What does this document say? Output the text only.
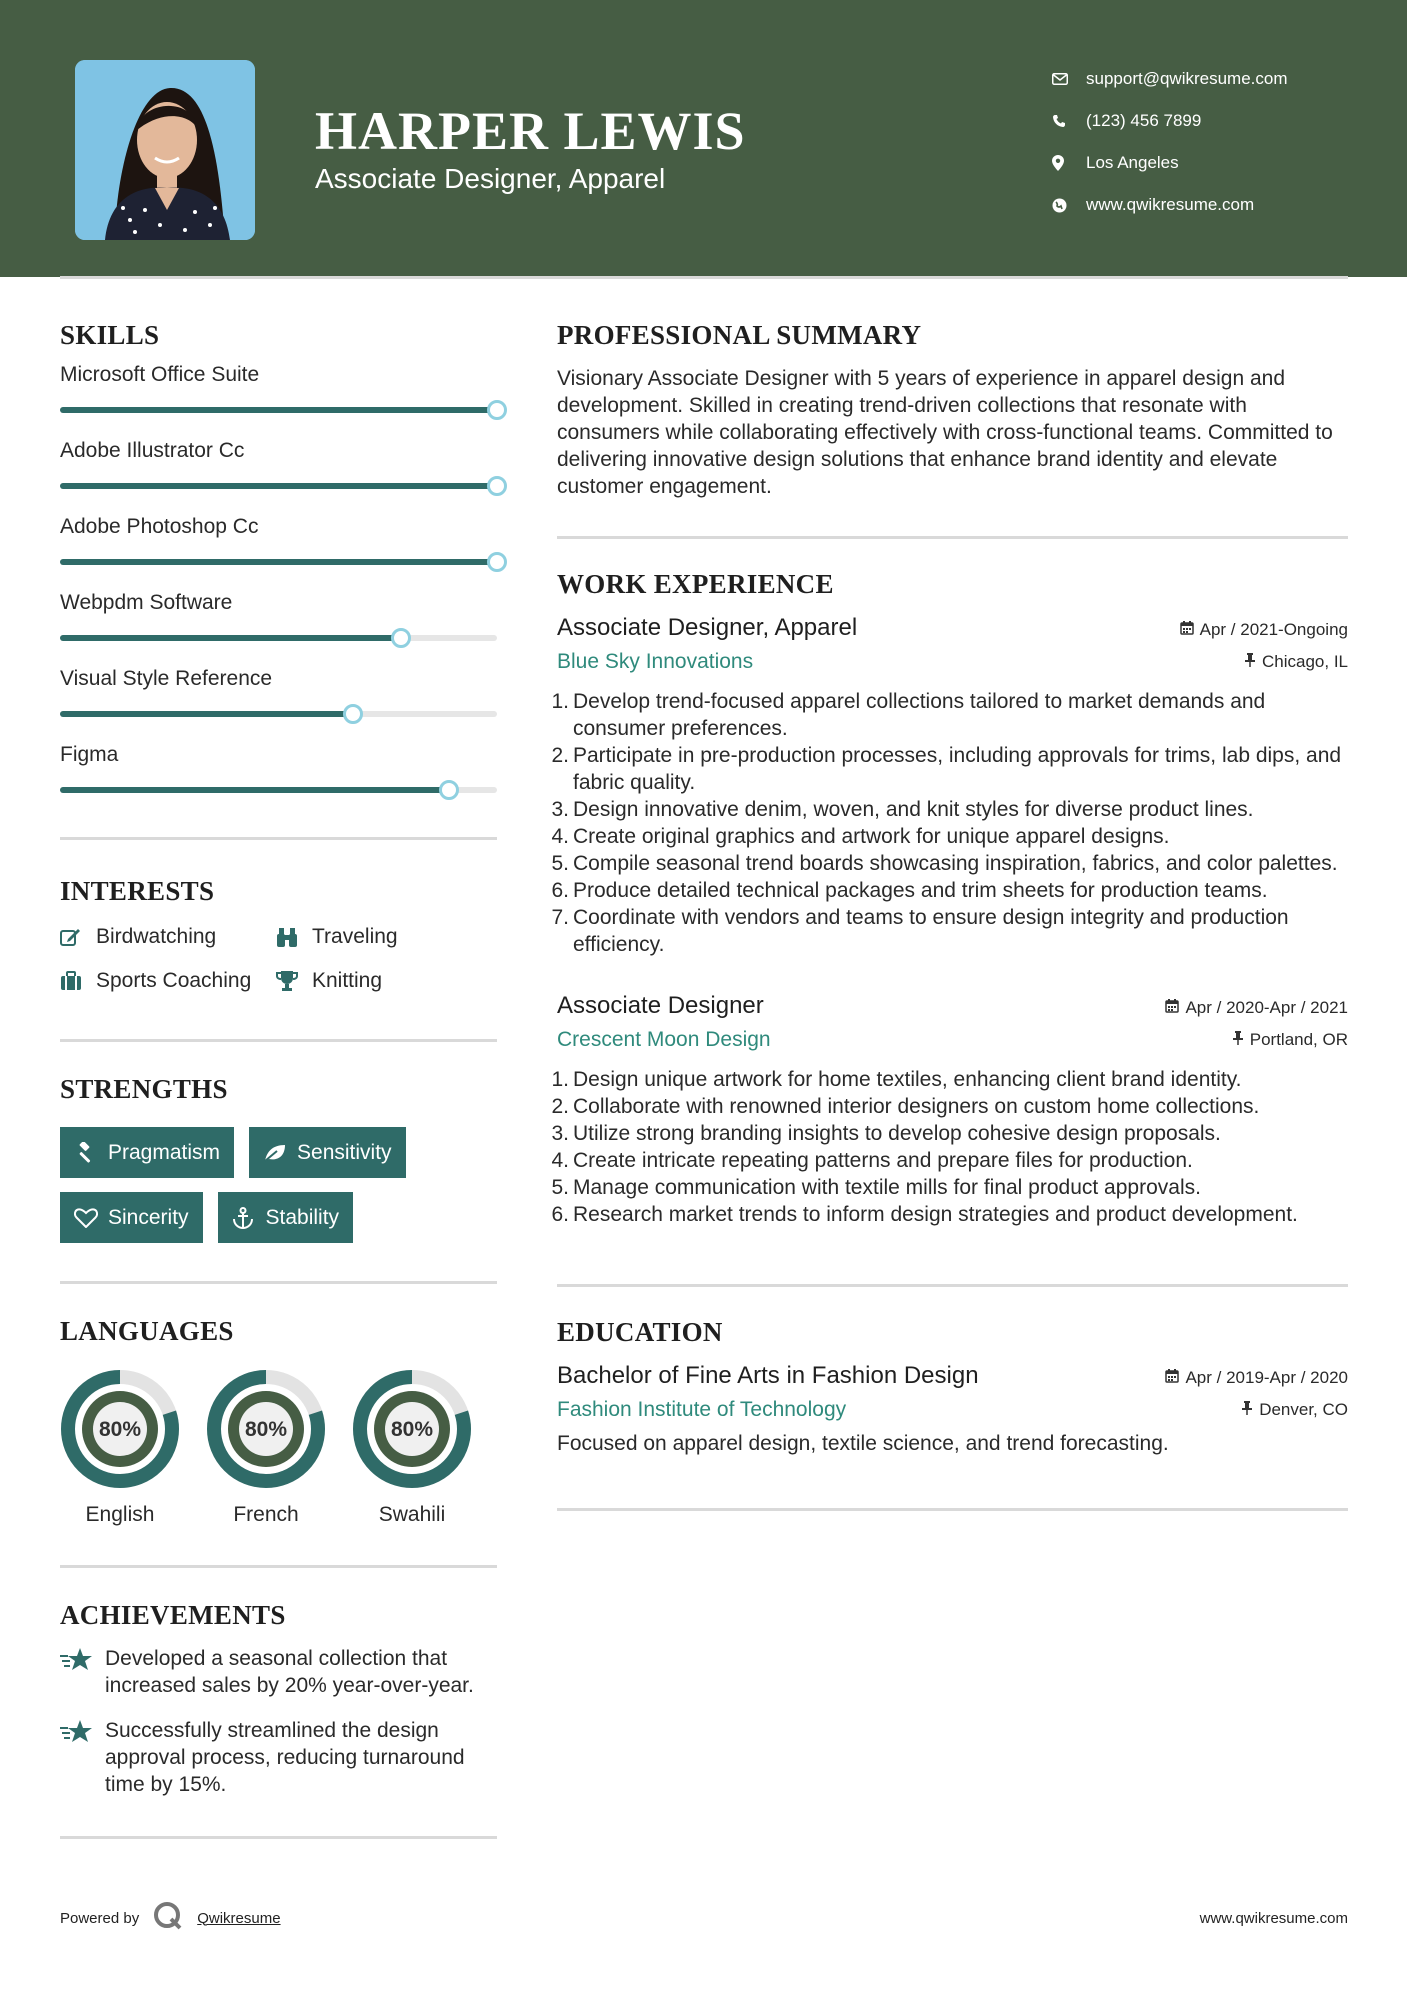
HARPER LEWIS
Associate Designer, Apparel
support@qwikresume.com
(123) 456 7899
Los Angeles
www.qwikresume.com
SKILLS
Microsoft Office Suite
Adobe Illustrator Cc
Adobe Photoshop Cc
Webpdm Software
Visual Style Reference
Figma
INTERESTS
Birdwatching	Traveling
Sports Coaching	Knitting
STRENGTHS
Pragmatism	Sensitivity
Sincerity	Stability
LANGUAGES
80%
English
80%
French
80%
Swahili
ACHIEVEMENTS
Developed a seasonal collection that increased sales by 20% year-over-year.
Successfully streamlined the design approval process, reducing turnaround time by 15%.
PROFESSIONAL SUMMARY
Visionary Associate Designer with 5 years of experience in apparel design and development. Skilled in creating trend-driven collections that resonate with consumers while collaborating effectively with cross-functional teams. Committed to delivering innovative design solutions that enhance brand identity and elevate customer engagement.
WORK EXPERIENCE
Associate Designer, Apparel	Apr / 2021-Ongoing
Blue Sky Innovations	Chicago, IL
1. Develop trend-focused apparel collections tailored to market demands and consumer preferences.
2. Participate in pre-production processes, including approvals for trims, lab dips, and fabric quality.
3. Design innovative denim, woven, and knit styles for diverse product lines.
4. Create original graphics and artwork for unique apparel designs.
5. Compile seasonal trend boards showcasing inspiration, fabrics, and color palettes.
6. Produce detailed technical packages and trim sheets for production teams.
7. Coordinate with vendors and teams to ensure design integrity and production efficiency.
Associate Designer	Apr / 2020-Apr / 2021
Crescent Moon Design	Portland, OR
1. Design unique artwork for home textiles, enhancing client brand identity.
2. Collaborate with renowned interior designers on custom home collections.
3. Utilize strong branding insights to develop cohesive design proposals.
4. Create intricate repeating patterns and prepare files for production.
5. Manage communication with textile mills for final product approvals.
6. Research market trends to inform design strategies and product development.
EDUCATION
Bachelor of Fine Arts in Fashion Design	Apr / 2019-Apr / 2020
Fashion Institute of Technology	Denver, CO
Focused on apparel design, textile science, and trend forecasting.
Powered by	Qwikresume	www.qwikresume.com
